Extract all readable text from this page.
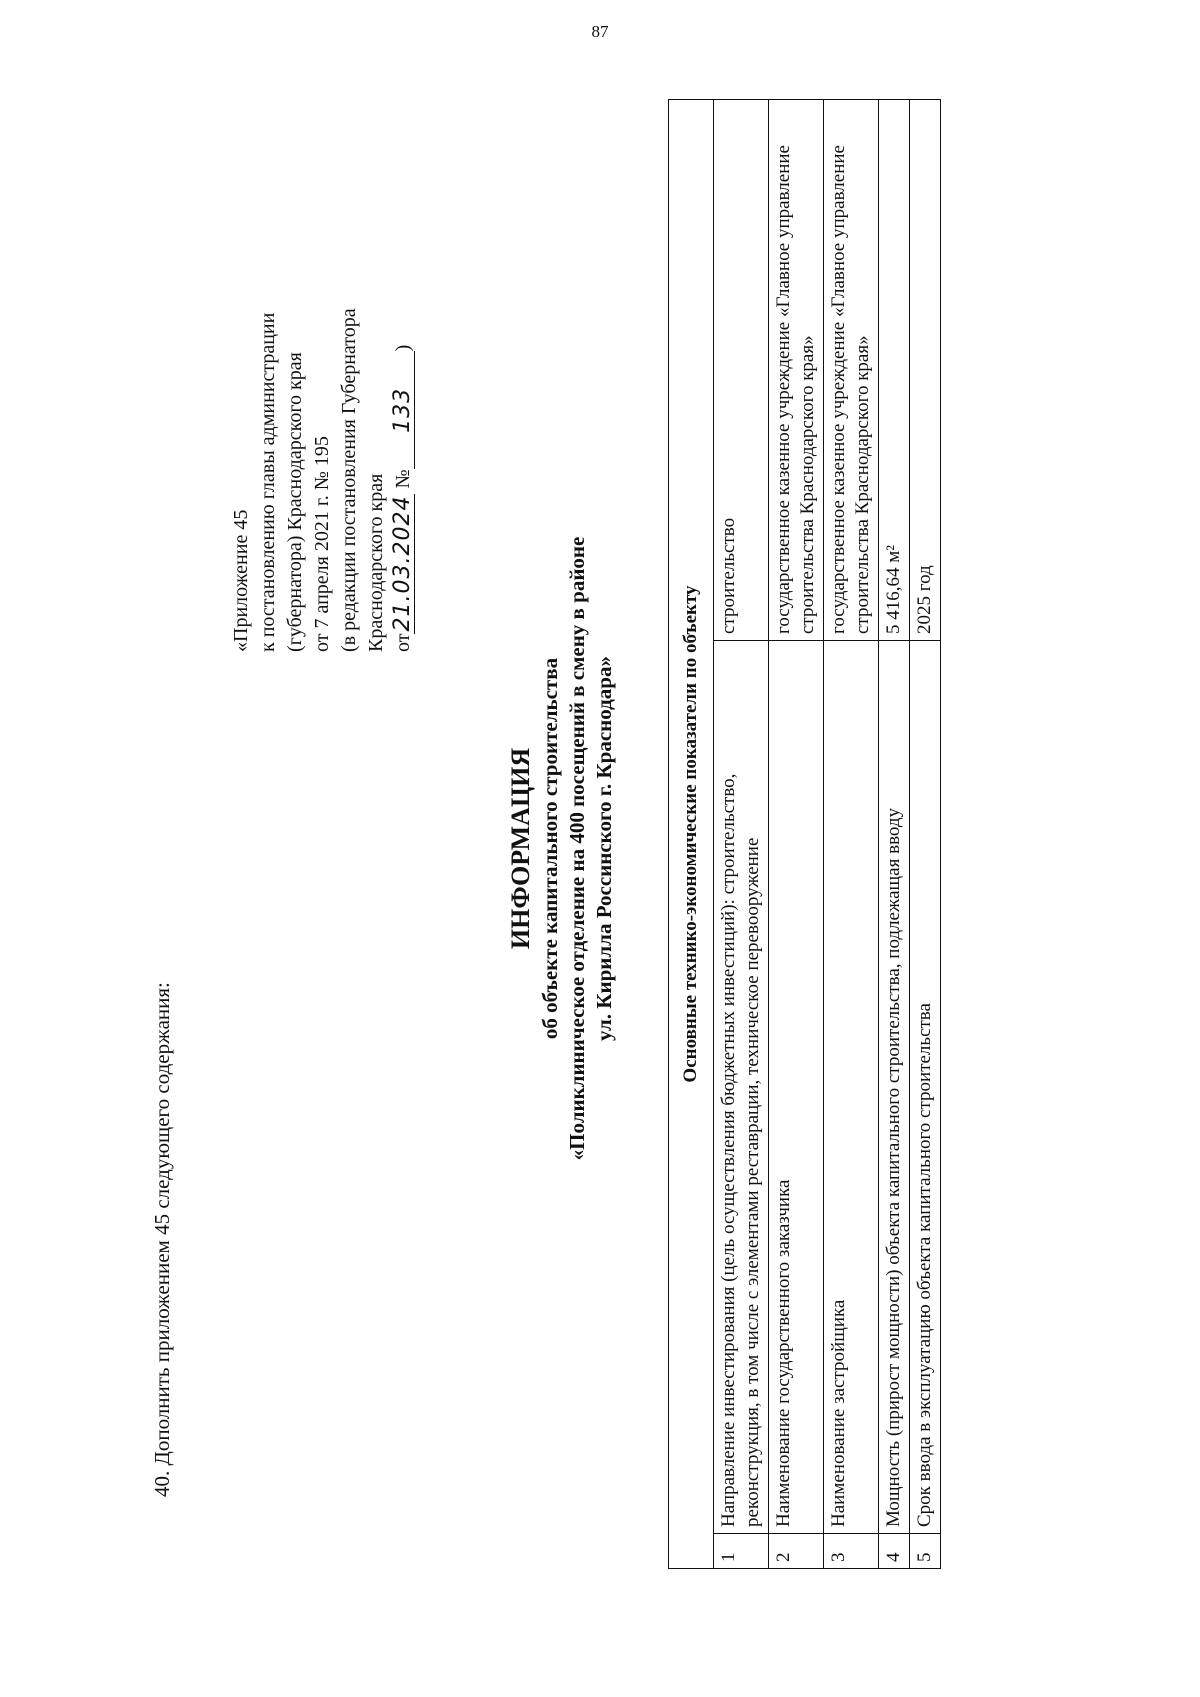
87
40. Дополнить приложением 45 следующего содержания:
«Приложение 45 к постановлению главы администрации (губернатора) Краснодарского края от 7 апреля 2021 г. № 195 (в редакции постановления Губернатора Краснодарского края от21.03.2024 №133)
ИНФОРМАЦИЯ об объекте капитального строительства «Поликлиническое отделение на 400 посещений в смену в районе ул. Кирилла Россинского г. Краснодара»	Основные технико-экономические показатели по объекту		
1	Направление инвестирования (цель осуществления бюджетных инвестиций): строительство, реконструкция, в том числе с элементами реставрации, техническое перевооружение	строительство
2	Наименование государственного заказчика	государственное казенное учреждение «Главное управление строительства Краснодарского края»
3	Наименование застройщика	государственное казенное учреждение «Главное управление строительства Краснодарского края»
4	Мощность (прирост мощности) объекта капитального строительства, подлежащая вводу	5 416,64 м²
5	Срок ввода в эксплуатацию объекта капитального строительства	2025 год
